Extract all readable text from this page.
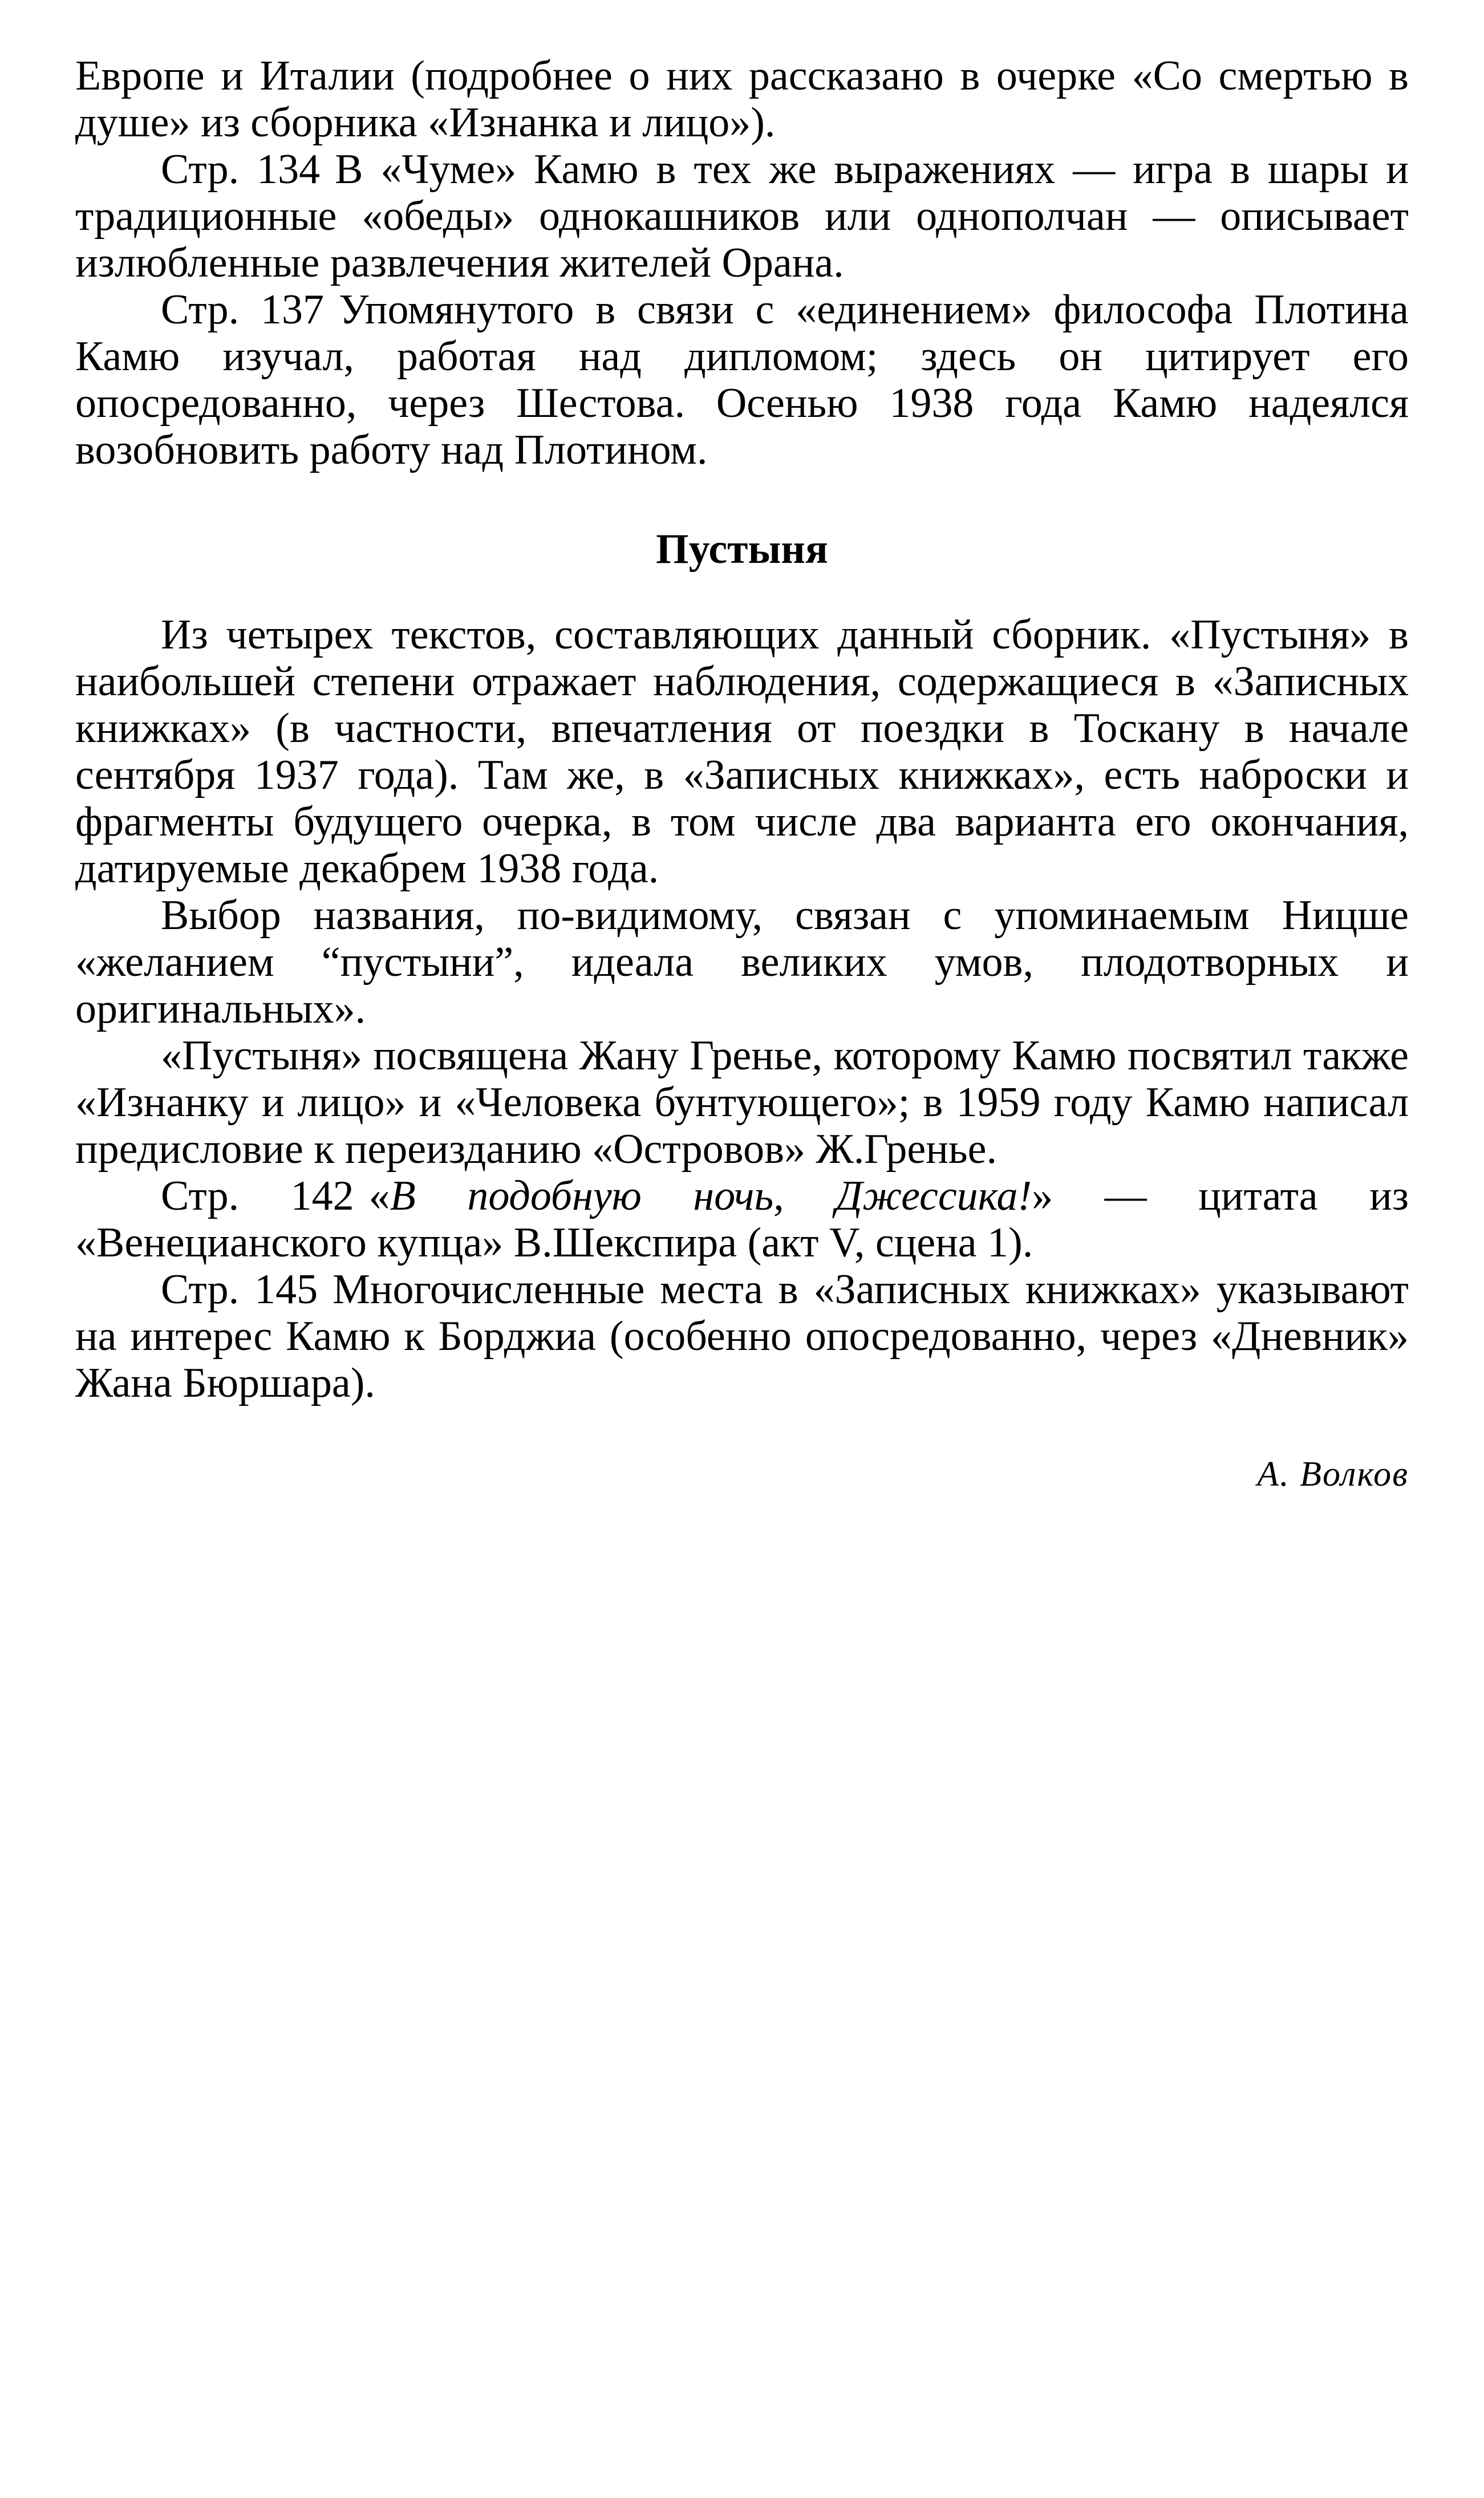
Европе и Италии (подробнее о них рассказано в очерке «Со смертью в душе» из сборника «Изнанка и лицо»).

Стр. 134 В «Чуме» Камю в тех же выражениях — игра в шары и традиционные «обеды» однокашников или однополчан — описывает излюбленные развлечения жителей Орана.

Стр. 137 Упомянутого в связи с «единением» философа Плотина Камю изучал, работая над дипломом; здесь он цитирует его опосредованно, через Шестова. Осенью 1938 года Камю надеялся возобновить работу над Плотином.

Пустыня

Из четырех текстов, составляющих данный сборник. «Пустыня» в наибольшей степени отражает наблюдения, содержащиеся в «Записных книжках» (в частности, впечатления от поездки в Тоскану в начале сентября 1937 года). Там же, в «Записных книжках», есть наброски и фрагменты будущего очерка, в том числе два варианта его окончания, датируемые декабрем 1938 года.

Выбор названия, по-видимому, связан с упоминаемым Ницше «желанием “пустыни”, идеала великих умов, плодотворных и оригинальных».

«Пустыня» посвящена Жану Гренье, которому Камю посвятил также «Изнанку и лицо» и «Человека бунтующего»; в 1959 году Камю написал предисловие к переизданию «Островов» Ж.Гренье.

Стр. 142 «В подобную ночь, Джессика!» — цитата из «Венецианского купца» В.Шекспира (акт V, сцена 1).

Стр. 145 Многочисленные места в «Записных книжках» указывают на интерес Камю к Борджиа (особенно опосредованно, через «Дневник» Жана Бюршара).

А. Волков
